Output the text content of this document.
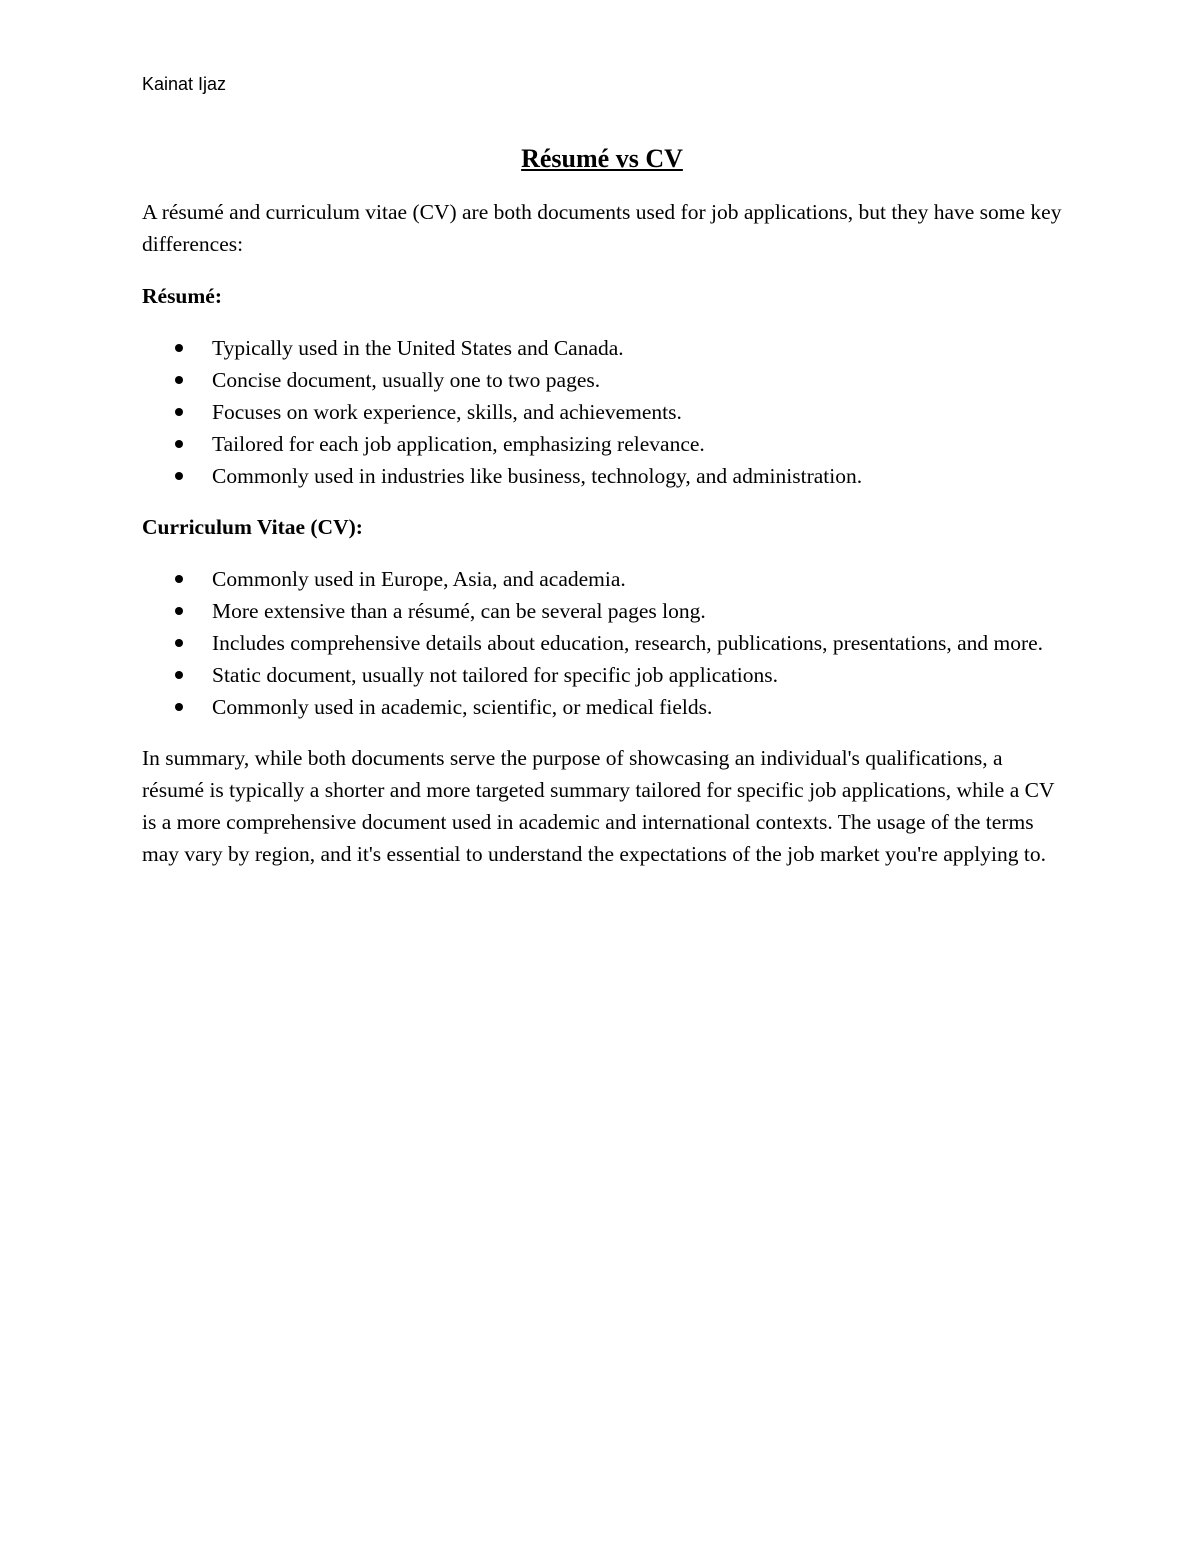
Kainat Ijaz

Résumé vs CV

A résumé and curriculum vitae (CV) are both documents used for job applications, but they have some key differences:

Résumé:

Typically used in the United States and Canada.
Concise document, usually one to two pages.
Focuses on work experience, skills, and achievements.
Tailored for each job application, emphasizing relevance.
Commonly used in industries like business, technology, and administration.

Curriculum Vitae (CV):

Commonly used in Europe, Asia, and academia.
More extensive than a résumé, can be several pages long.
Includes comprehensive details about education, research, publications, presentations, and more.
Static document, usually not tailored for specific job applications.
Commonly used in academic, scientific, or medical fields.

In summary, while both documents serve the purpose of showcasing an individual's qualifications, a résumé is typically a shorter and more targeted summary tailored for specific job applications, while a CV is a more comprehensive document used in academic and international contexts. The usage of the terms may vary by region, and it's essential to understand the expectations of the job market you're applying to.
